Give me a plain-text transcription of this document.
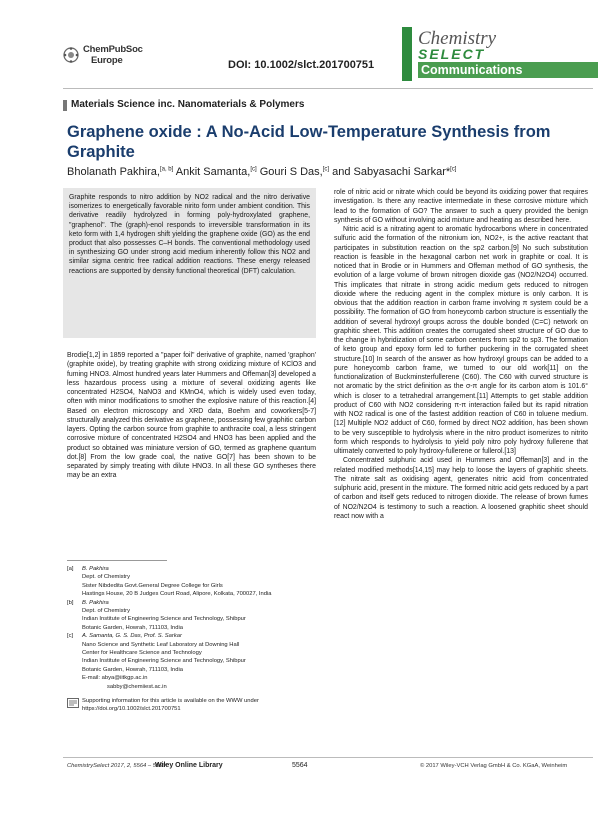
ChemPubSoc
Europe	DOI: 10.1002/slct.201700751
Chemistry
SELECT
Communications
Materials Science inc. Nanomaterials & Polymers
Graphene oxide : A No-Acid Low-Temperature Synthesis from Graphite
Bholanath Pakhira,[a, b] Ankit Samanta,[c] Gouri S Das,[c] and Sabyasachi Sarkar*[c]

Graphite responds to nitro addition by NO2 radical and the nitro derivative isomerizes to energetically favorable nirito form under ambient condition. This derivative readily hydrolyzed in forming poly-hydroxylated graphene, "graphenol". The (graph)-enol responds to irreversible transformation in its keto form with 1,4 hydrogen shift yielding the graphene oxide (GO) as the end product that also possesses C–H bonds. The conventional methodology used in synthesizing GO under strong acid medium inherently follow this NO2 and similar sigma centric free radical addition reactions. These energy released reactions are supported by density functional theoretical (DFT) calculation.

Brodie[1,2] in 1859 reported a "paper foil" derivative of graphite, named 'graphon' (graphite oxide), by treating graphite with strong oxidizing mixture of KClO3 and fuming HNO3. Almost hundred years later Hummers and Offeman[3] developed a less hazardous process using a mixture of several oxidizing agents like concentrated H2SO4, NaNO3 and KMnO4, which is widely used even today, often with minor modifications to smother the explosive nature of this reaction.[4] Based on electron microscopy and XRD data, Boehm and coworkers[5-7] structurally analyzed this derivative as graphene, possessing few graphitic carbon layers. Opting the carbon source from graphite to anthracite coal, a less stringent corrosive mixture of concentrated H2SO4 and HNO3 has been applied and the product so obtained was miniature version of GO, termed as graphene quantum dot.[8] From the low grade coal, the native GO[7] has been shown to be separated by simply treating with dilute HNO3. In all these GO syntheses there may be an extra

role of nitric acid or nitrate which could be beyond its oxidizing power that requires investigation. Is there any reactive intermediate in these corrosive mixture which lead to the formation of GO? The answer to such a query provided the benign synthesis of GO without involving acid mixture and heating as described here.

Nitric acid is a nitrating agent to aromatic hydrocarbons where in concentrated sulfuric acid the formation of the nitronium ion, NO2+, is the active reactant that participates in substitution reaction on the sp2 carbon.[9] No such substitution reaction is feasible in the hexagonal carbon net work in graphite or coal. It is noticed that in Brodie or in Hummers and Offeman method of GO synthesis, the evolution of a large volume of brown nitrogen dioxide gas (NO2/N2O4) occurred. This implicates that nitrate in strong acidic medium gets reduced to nitrogen dioxide where the reducing agent in the complex mixture is only carbon. It is obvious that the addition reaction in carbon frame involving π system could be a possibility. The formation of GO from honeycomb carbon structure is essentially the addition of several hydroxyl groups across the double bonded (C=C) network on graphitic sheet. This addition creates the corrugated sheet structure of GO due to the change in hybridization of some carbon centers from sp2 to sp3. The formation of keto group and epoxy form led to further puckering in the corrugated sheet structure.[10] In search of the answer as how hydroxyl groups can be added to a pure honeycomb carbon frame, we turned to our old work[11] on the functionalization of Buckminsterfullerene (C60). The C60 with curved structure is not aromatic by the strict definition as the σ-π angle for its carbon atom is 101.6° which is closer to a tetrahedral arrangement.[11] Attempts to get stable addition product of C60 with NO2 considering π-π interaction failed but its rapid nitration with NO2 radical is one of the fastest addition reaction of C60 in toluene medium.[12] Multiple NO2 adduct of C60, formed by direct NO2 addition, has been shown to be very susceptible to hydrolysis where in the nitro product isomerizes to nitrito form which responds to hydrolysis to yield poly nitro poly hydroxy fullerene that ultimately converted to poly hydroxy-fullerene or fullerol.[13]

Concentrated sulphuric acid used in Hummers and Offeman[3] and in the related modified methods[14,15] may help to loose the layers of graphitic sheets. The nitrate salt as oxidising agent, generates nitric acid from concentrated sulphuric acid, present in the mixture. The formed nitric acid gets reduced by a part of carbon and itself gets reduced to nitrogen dioxide. The release of brown fumes of NO2/N2O4 is testimony to such a reaction. A loosened graphitic sheet should react now with a

[a]	B. Pakhira
Dept. of Chemistry
Sister Nibdedita Govt.General Degree College for Girls
Hastings House, 20 B Judges Court Road, Alipore, Kolkata, 700027, India
[b]	B. Pakhira
Dept. of Chemistry
Indian Institute of Engineering Science and Technology, Shibpur
Botanic Garden, Howrah, 711103, India
[c]	A. Samanta, G. S. Das, Prof. S. Sarkar
Nano Science and Synthetic Leaf Laboratory at Downing Hall
Center for Healthcare Science and Technology
Indian Institute of Engineering Science and Technology, Shibpur
Botanic Garden, Howrah, 711103, India
E-mail: abya@iitkgp.ac.in
sabby@chemiiest.ac.in
Supporting information for this article is available on the WWW under https://doi.org/10.1002/slct.201700751
ChemistrySelect 2017, 2, 5564 – 5569
Wiley Online Library	5564	© 2017 Wiley-VCH Verlag GmbH & Co. KGaA, Weinheim
